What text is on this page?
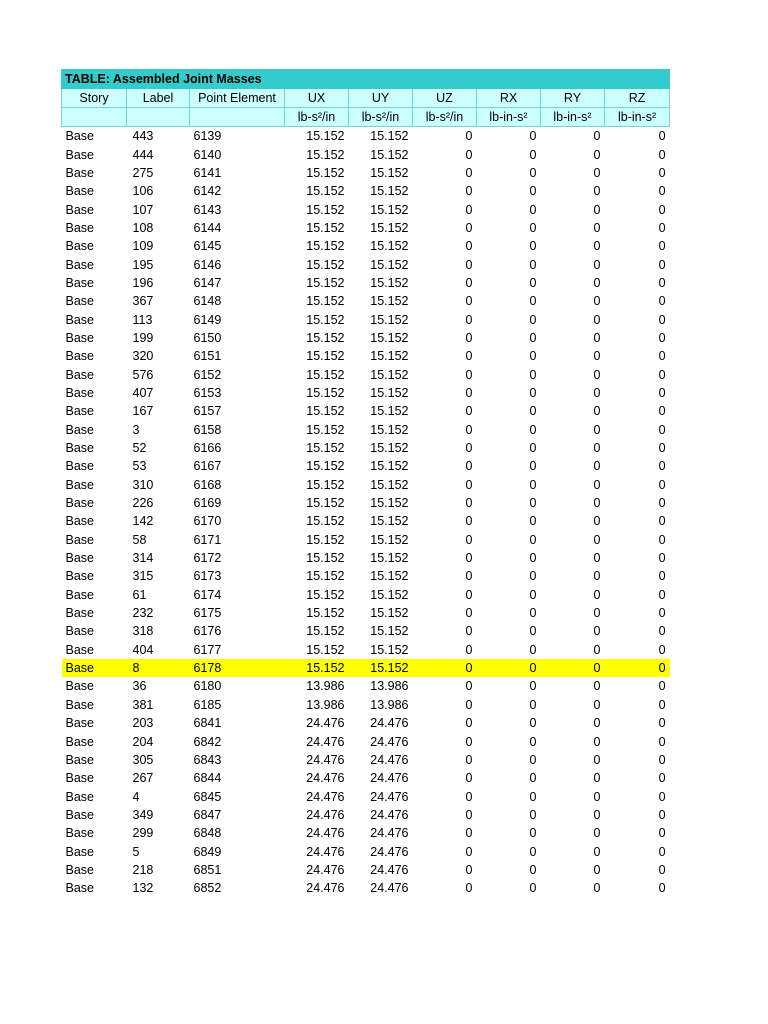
TABLE: Assembled Joint Masses								
Story	Label	Point Element	UX	UY	UZ	RX	RY	RZ
			lb-s²/in	lb-s²/in	lb-s²/in	lb-in-s²	lb-in-s²	lb-in-s²
Base	443	6139	15.152	15.152	0	0	0	0
Base	444	6140	15.152	15.152	0	0	0	0
Base	275	6141	15.152	15.152	0	0	0	0
Base	106	6142	15.152	15.152	0	0	0	0
Base	107	6143	15.152	15.152	0	0	0	0
Base	108	6144	15.152	15.152	0	0	0	0
Base	109	6145	15.152	15.152	0	0	0	0
Base	195	6146	15.152	15.152	0	0	0	0
Base	196	6147	15.152	15.152	0	0	0	0
Base	367	6148	15.152	15.152	0	0	0	0
Base	113	6149	15.152	15.152	0	0	0	0
Base	199	6150	15.152	15.152	0	0	0	0
Base	320	6151	15.152	15.152	0	0	0	0
Base	576	6152	15.152	15.152	0	0	0	0
Base	407	6153	15.152	15.152	0	0	0	0
Base	167	6157	15.152	15.152	0	0	0	0
Base	3	6158	15.152	15.152	0	0	0	0
Base	52	6166	15.152	15.152	0	0	0	0
Base	53	6167	15.152	15.152	0	0	0	0
Base	310	6168	15.152	15.152	0	0	0	0
Base	226	6169	15.152	15.152	0	0	0	0
Base	142	6170	15.152	15.152	0	0	0	0
Base	58	6171	15.152	15.152	0	0	0	0
Base	314	6172	15.152	15.152	0	0	0	0
Base	315	6173	15.152	15.152	0	0	0	0
Base	61	6174	15.152	15.152	0	0	0	0
Base	232	6175	15.152	15.152	0	0	0	0
Base	318	6176	15.152	15.152	0	0	0	0
Base	404	6177	15.152	15.152	0	0	0	0
Base	8	6178	15.152	15.152	0	0	0	0
Base	36	6180	13.986	13.986	0	0	0	0
Base	381	6185	13.986	13.986	0	0	0	0
Base	203	6841	24.476	24.476	0	0	0	0
Base	204	6842	24.476	24.476	0	0	0	0
Base	305	6843	24.476	24.476	0	0	0	0
Base	267	6844	24.476	24.476	0	0	0	0
Base	4	6845	24.476	24.476	0	0	0	0
Base	349	6847	24.476	24.476	0	0	0	0
Base	299	6848	24.476	24.476	0	0	0	0
Base	5	6849	24.476	24.476	0	0	0	0
Base	218	6851	24.476	24.476	0	0	0	0
Base	132	6852	24.476	24.476	0	0	0	0
